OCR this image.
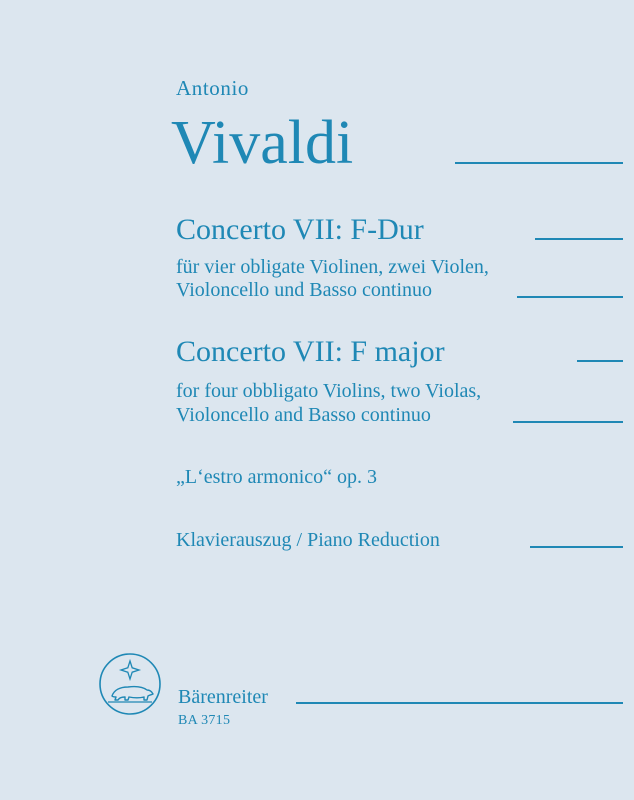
Antonio

Vivaldi

Concerto VII: F-Dur

für vier obligate Violinen, zwei Violen,

Violoncello und Basso continuo

Concerto VII: F major

for four obbligato Violins, two Violas,

Violoncello and Basso continuo

„L‘estro armonico“ op. 3

Klavierauszug / Piano Reduction

Bärenreiter

BA 3715
